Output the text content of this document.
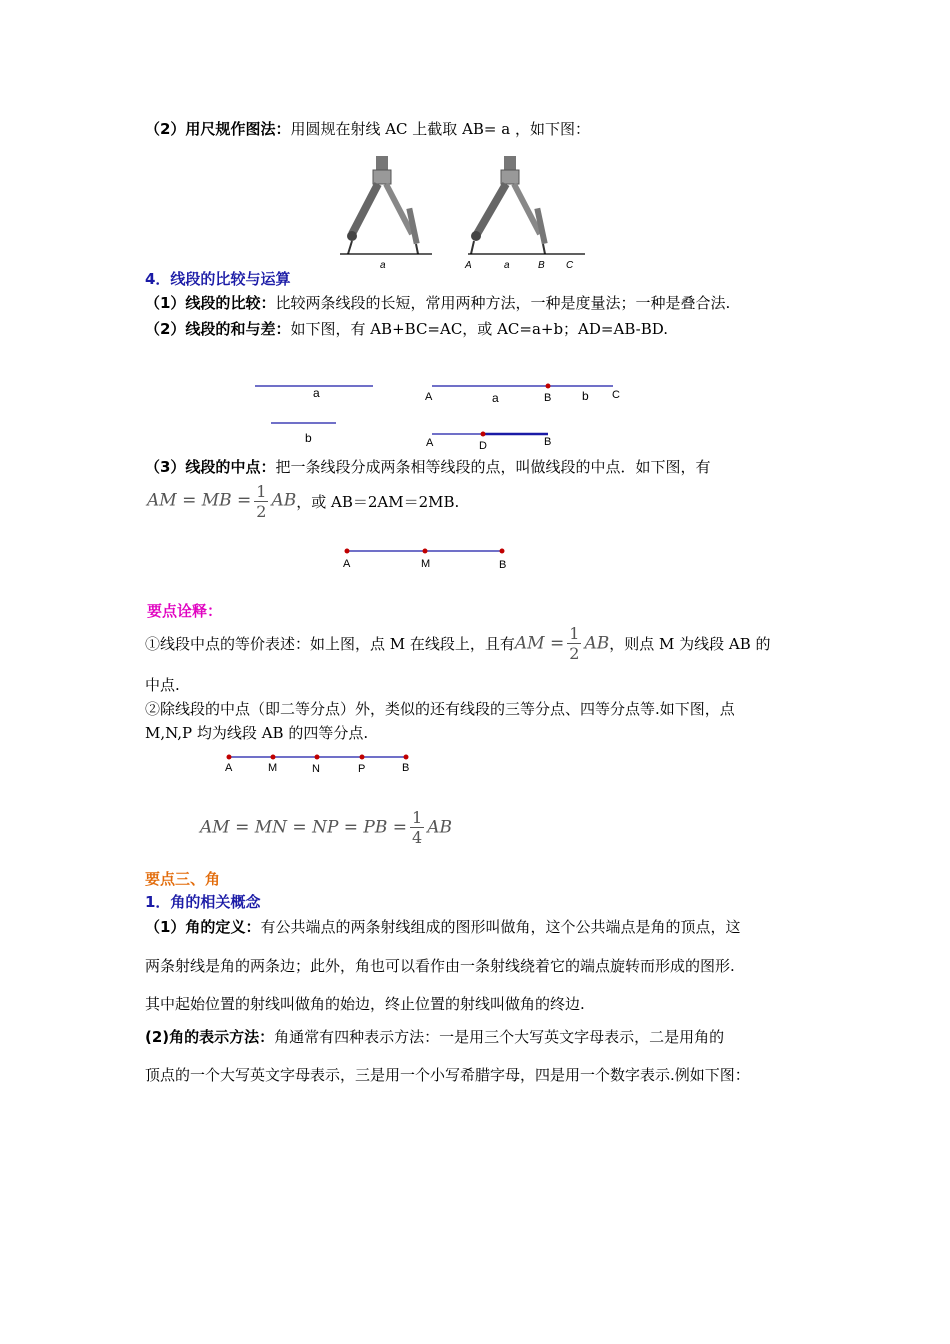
（2）用尺规作图法：用圆规在射线 AC 上截取 AB= a ，如下图：
a	A	a	B C
4．线段的比较与运算
（1）线段的比较：比较两条线段的长短，常用两种方法，一种是度量法；一种是叠合法.
（2）线段的和与差：如下图，有 AB+BC=AC，或 AC=a+b；AD=AB-BD.
a
b
A	a	B	b C
A	D	B
（3）线段的中点：把一条线段分成两条相等线段的点，叫做线段的中点．如下图，有
AM = MB = $\frac{1}{2}$ AB，或 AB＝2AM＝2MB.
A	M	B
要点诠释：
①线段中点的等价表述：如上图，点 M 在线段上，且有AM = $\frac{1}{2}$ AB，则点 M 为线段 AB 的
中点.
②除线段的中点（即二等分点）外，类似的还有线段的三等分点、四等分点等.如下图，点
M,N,P 均为线段 AB 的四等分点.
A	M	N	P	B
AM = MN = NP = PB = $\frac{1}{4}$ AB
要点三、角
1．角的相关概念
（1）角的定义：有公共端点的两条射线组成的图形叫做角，这个公共端点是角的顶点，这
两条射线是角的两条边；此外，角也可以看作由一条射线绕着它的端点旋转而形成的图形.
其中起始位置的射线叫做角的始边，终止位置的射线叫做角的终边.
(2)角的表示方法：角通常有四种表示方法：一是用三个大写英文字母表示，二是用角的
顶点的一个大写英文字母表示，三是用一个小写希腊字母，四是用一个数字表示.例如下图：
